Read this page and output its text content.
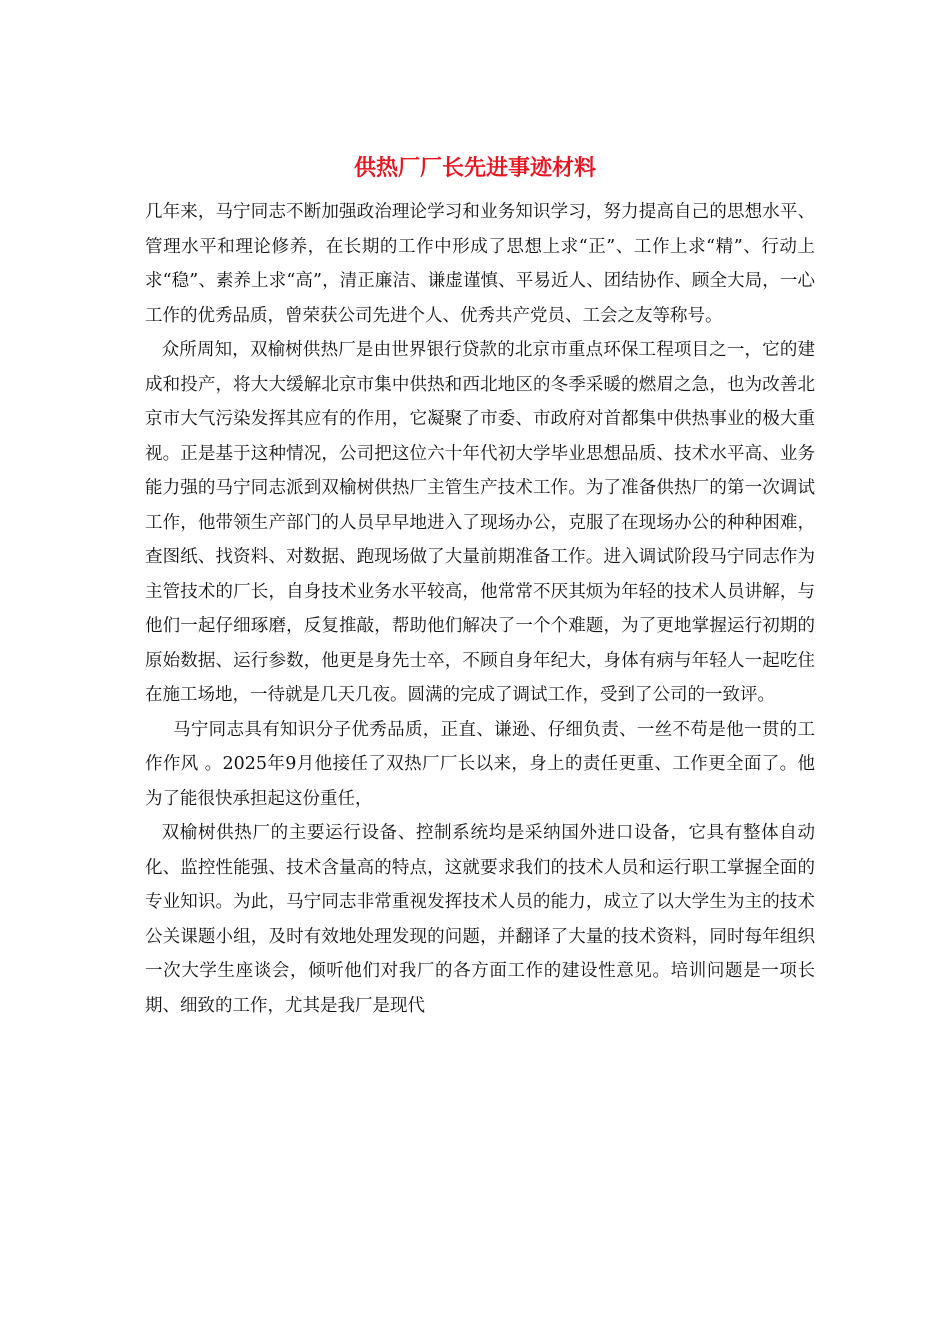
供热厂厂长先进事迹材料

几年来，马宁同志不断加强政治理论学习和业务知识学习，努力提高自己的思想水平、管理水平和理论修养，在长期的工作中形成了思想上求“正”、工作上求“精”、行动上求“稳”、素养上求“高”，清正廉洁、谦虚谨慎、平易近人、团结协作、顾全大局，一心工作的优秀品质，曾荣获公司先进个人、优秀共产党员、工会之友等称号。

众所周知，双榆树供热厂是由世界银行贷款的北京市重点环保工程项目之一，它的建成和投产，将大大缓解北京市集中供热和西北地区的冬季采暖的燃眉之急，也为改善北京市大气污染发挥其应有的作用，它凝聚了市委、市政府对首都集中供热事业的极大重视。正是基于这种情况，公司把这位六十年代初大学毕业思想品质、技术水平高、业务能力强的马宁同志派到双榆树供热厂主管生产技术工作。为了准备供热厂的第一次调试工作，他带领生产部门的人员早早地进入了现场办公，克服了在现场办公的种种困难，查图纸、找资料、对数据、跑现场做了大量前期准备工作。进入调试阶段马宁同志作为主管技术的厂长，自身技术业务水平较高，他常常不厌其烦为年轻的技术人员讲解，与他们一起仔细琢磨，反复推敲，帮助他们解决了一个个难题，为了更地掌握运行初期的原始数据、运行参数，他更是身先士卒，不顾自身年纪大，身体有病与年轻人一起吃住在施工场地，一待就是几天几夜。圆满的完成了调试工作，受到了公司的一致评。

马宁同志具有知识分子优秀品质，正直、谦逊、仔细负责、一丝不苟是他一贯的工作作风 。2025年9月他接任了双热厂厂长以来，身上的责任更重、工作更全面了。他为了能很快承担起这份重任，

双榆树供热厂的主要运行设备、控制系统均是采纳国外进口设备，它具有整体自动化、监控性能强、技术含量高的特点，这就要求我们的技术人员和运行职工掌握全面的专业知识。为此，马宁同志非常重视发挥技术人员的能力，成立了以大学生为主的技术公关课题小组，及时有效地处理发现的问题，并翻译了大量的技术资料，同时每年组织一次大学生座谈会，倾听他们对我厂的各方面工作的建设性意见。培训问题是一项长期、细致的工作，尤其是我厂是现代
